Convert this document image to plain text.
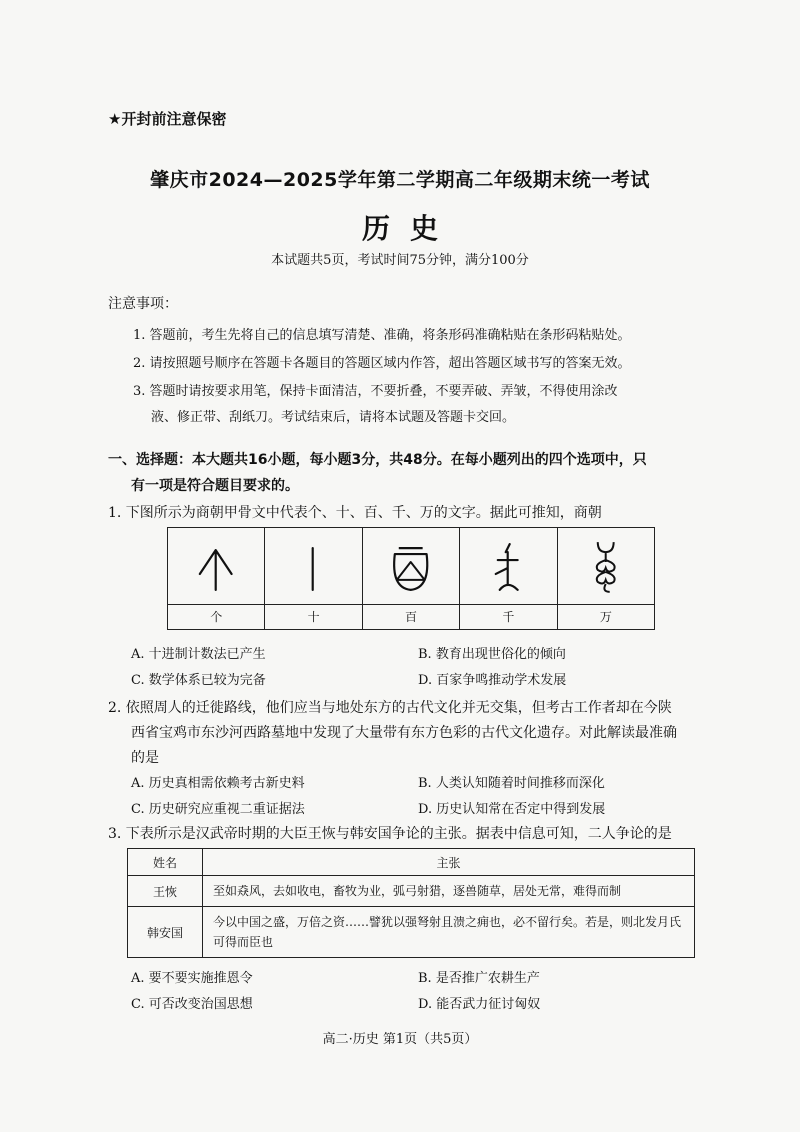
★开封前注意保密
肇庆市2024—2025学年第二学期高二年级期末统一考试
历史
本试题共5页，考试时间75分钟，满分100分
注意事项：
1. 答题前，考生先将自己的信息填写清楚、准确，将条形码准确粘贴在条形码粘贴处。
2. 请按照题号顺序在答题卡各题目的答题区域内作答，超出答题区域书写的答案无效。
3. 答题时请按要求用笔，保持卡面清洁，不要折叠，不要弄破、弄皱，不得使用涂改
液、修正带、刮纸刀。考试结束后，请将本试题及答题卡交回。
一、选择题：本大题共16小题，每小题3分，共48分。在每小题列出的四个选项中，只
有一项是符合题目要求的。
1. 下图所示为商朝甲骨文中代表个、十、百、千、万的文字。据此可推知，商朝
个	十	百	千	万
A. 十进制计数法已产生	B. 教育出现世俗化的倾向
C. 数学体系已较为完备	D. 百家争鸣推动学术发展
2. 依照周人的迁徙路线，他们应当与地处东方的古代文化并无交集，但考古工作者却在今陕
西省宝鸡市东沙河西路墓地中发现了大量带有东方色彩的古代文化遗存。对此解读最准确
的是
A. 历史真相需依赖考古新史料	B. 人类认知随着时间推移而深化
C. 历史研究应重视二重证据法	D. 历史认知常在否定中得到发展
3. 下表所示是汉武帝时期的大臣王恢与韩安国争论的主张。据表中信息可知，二人争论的是
姓名	主张
王恢	至如猋风，去如收电，畜牧为业，弧弓射猎，逐兽随草，居处无常，难得而制
韩安国	今以中国之盛，万倍之资……譬犹以强弩射且溃之痈也，必不留行矣。若是，则北发月氏可得而臣也
A. 要不要实施推恩令	B. 是否推广农耕生产
C. 可否改变治国思想	D. 能否武力征讨匈奴
高二·历史 第1页（共5页）
